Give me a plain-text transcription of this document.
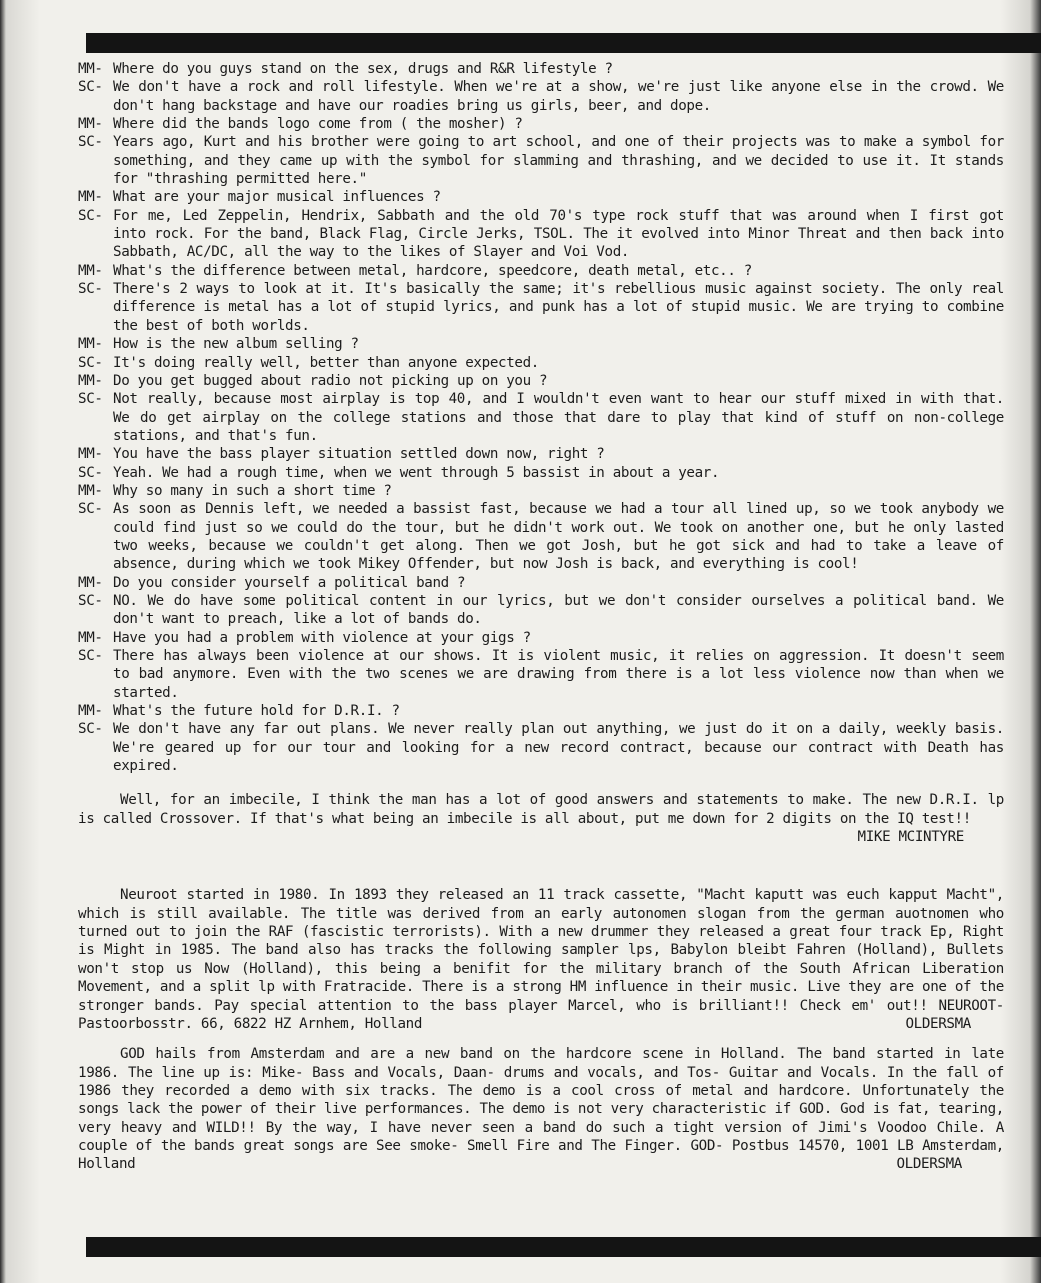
MM- Where do you guys stand on the sex, drugs and R&R lifestyle ?
SC- We don't have a rock and roll lifestyle. When we're at a show, we're just like anyone else in the crowd. We don't hang backstage and have our roadies bring us girls, beer, and dope.
MM- Where did the bands logo come from ( the mosher) ?
SC- Years ago, Kurt and his brother were going to art school, and one of their projects was to make a symbol for something, and they came up with the symbol for slamming and thrashing, and we decided to use it. It stands for "thrashing permitted here."
MM- What are your major musical influences ?
SC- For me, Led Zeppelin, Hendrix, Sabbath and the old 70's type rock stuff that was around when I first got into rock. For the band, Black Flag, Circle Jerks, TSOL. The it evolved into Minor Threat and then back into Sabbath, AC/DC, all the way to the likes of Slayer and Voi Vod.
MM- What's the difference between metal, hardcore, speedcore, death metal, etc.. ?
SC- There's 2 ways to look at it. It's basically the same; it's rebellious music against society. The only real difference is metal has a lot of stupid lyrics, and punk has a lot of stupid music. We are trying to combine the best of both worlds.
MM- How is the new album selling ?
SC- It's doing really well, better than anyone expected.
MM- Do you get bugged about radio not picking up on you ?
SC- Not really, because most airplay is top 40, and I wouldn't even want to hear our stuff mixed in with that. We do get airplay on the college stations and those that dare to play that kind of stuff on non-college stations, and that's fun.
MM- You have the bass player situation settled down now, right ?
SC- Yeah. We had a rough time, when we went through 5 bassist in about a year.
MM- Why so many in such a short time ?
SC- As soon as Dennis left, we needed a bassist fast, because we had a tour all lined up, so we took anybody we could find just so we could do the tour, but he didn't work out. We took on another one, but he only lasted two weeks, because we couldn't get along. Then we got Josh, but he got sick and had to take a leave of absence, during which we took Mikey Offender, but now Josh is back, and everything is cool!
MM- Do you consider yourself a political band ?
SC- NO. We do have some political content in our lyrics, but we don't consider ourselves a political band. We don't want to preach, like a lot of bands do.
MM- Have you had a problem with violence at your gigs ?
SC- There has always been violence at our shows. It is violent music, it relies on aggression. It doesn't seem to bad anymore. Even with the two scenes we are drawing from there is a lot less violence now than when we started.
MM- What's the future hold for D.R.I. ?
SC- We don't have any far out plans. We never really plan out anything, we just do it on a daily, weekly basis. We're geared up for our tour and looking for a new record contract, because our contract with Death has expired.
Well, for an imbecile, I think the man has a lot of good answers and statements to make. The new D.R.I. lp is called Crossover. If that's what being an imbecile is all about, put me down for 2 digits on the IQ test!!
MIKE MCINTYRE
Neuroot started in 1980. In 1893 they released an 11 track cassette, "Macht kaputt was euch kapput Macht", which is still available. The title was derived from an early autonomen slogan from the german auotnomen who turned out to join the RAF (fascistic terrorists). With a new drummer they released a great four track Ep, Right is Might in 1985. The band also has tracks the following sampler lps, Babylon bleibt Fahren (Holland), Bullets won't stop us Now (Holland), this being a benifit for the military branch of the South African Liberation Movement, and a split lp with Fratracide. There is a strong HM influence in their music. Live they are one of the stronger bands. Pay special attention to the bass player Marcel, who is brilliant!! Check em' out!! NEUROOT- Pastoorbosstr. 66, 6822 HZ Arnhem, Holland	OLDERSMA
GOD hails from Amsterdam and are a new band on the hardcore scene in Holland. The band started in late 1986. The line up is: Mike- Bass and Vocals, Daan- drums and vocals, and Tos- Guitar and Vocals. In the fall of 1986 they recorded a demo with six tracks. The demo is a cool cross of metal and hardcore. Unfortunately the songs lack the power of their live performances. The demo is not very characteristic if GOD. God is fat, tearing, very heavy and WILD!! By the way, I have never seen a band do such a tight version of Jimi's Voodoo Chile. A couple of the bands great songs are See smoke- Smell Fire and The Finger. GOD- Postbus 14570, 1001 LB Amsterdam, Holland	OLDERSMA
